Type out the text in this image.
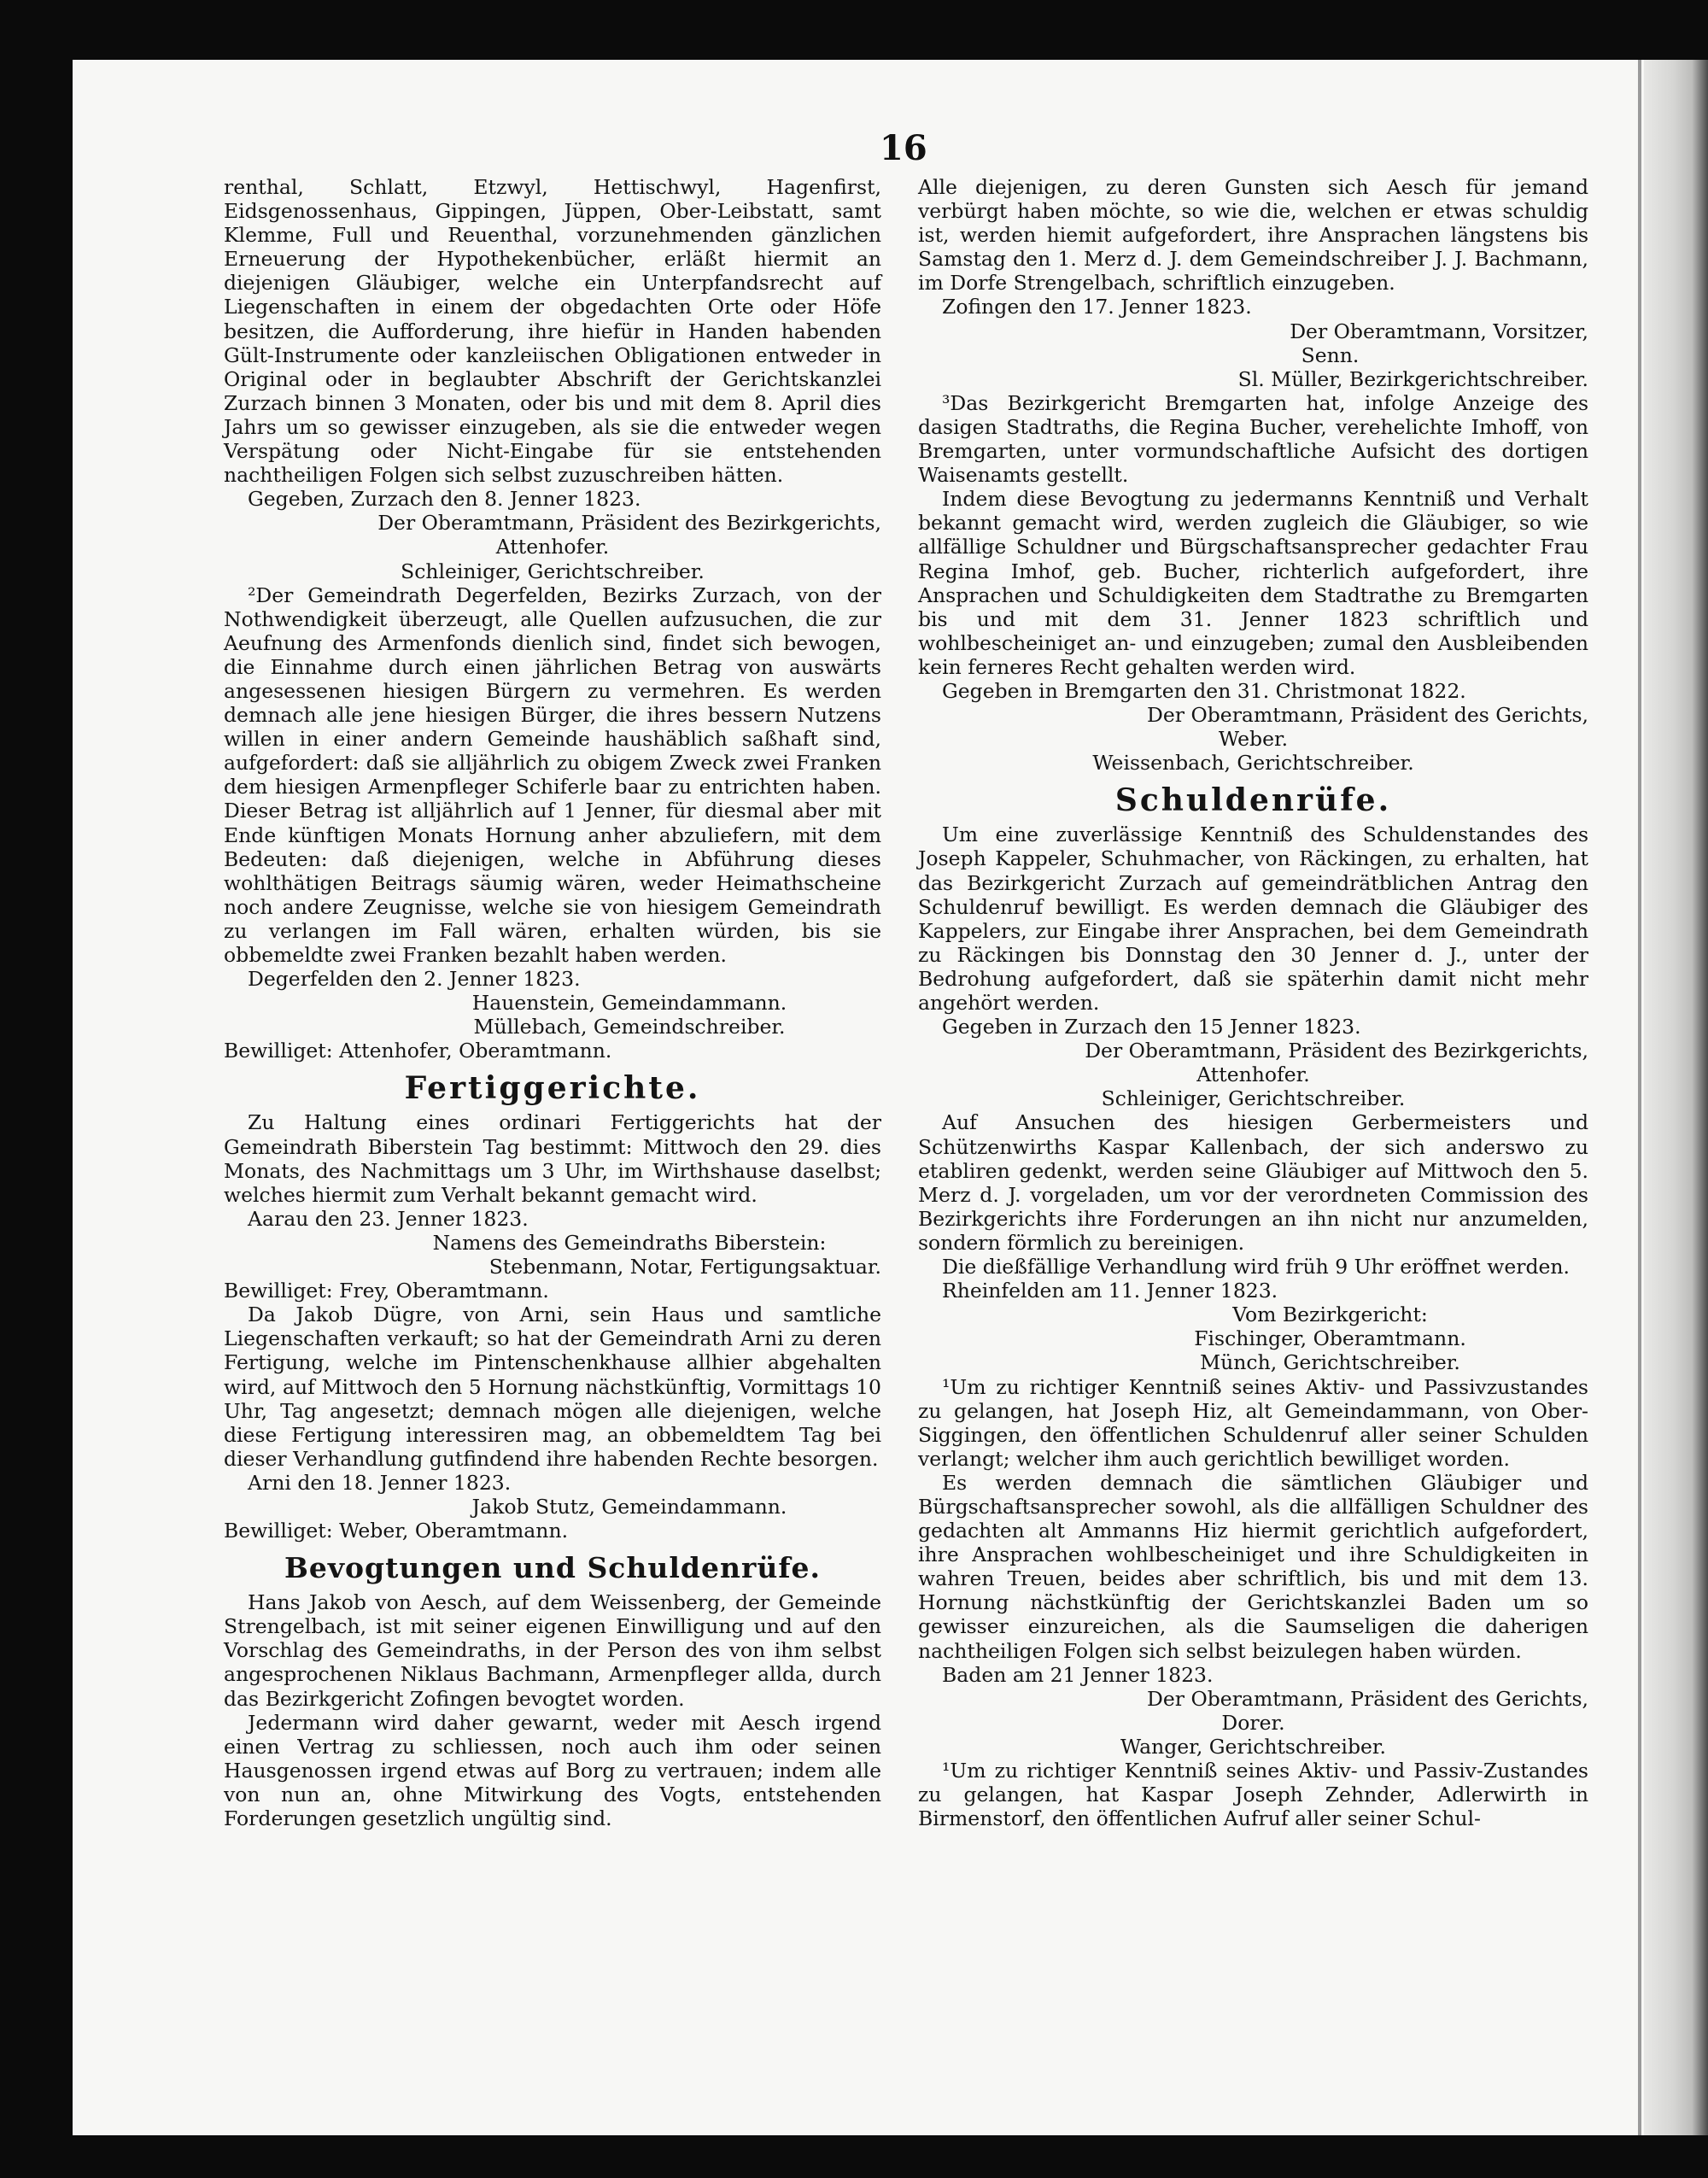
16

renthal, Schlatt, Etzwyl, Hettischwyl, Hagenfirst, Eidsgenossenhaus, Gippingen, Jüppen, Ober-Leibstatt, samt Klemme, Full und Reuenthal, vorzunehmenden gänzlichen Erneuerung der Hypothekenbücher, erläßt hiermit an diejenigen Gläubiger, welche ein Unterpfandsrecht auf Liegenschaften in einem der obgedachten Orte oder Höfe besitzen, die Aufforderung, ihre hiefür in Handen habenden Gült-Instrumente oder kanzleiischen Obligationen entweder in Original oder in beglaubter Abschrift der Gerichtskanzlei Zurzach binnen 3 Monaten, oder bis und mit dem 8. April dies Jahrs um so gewisser einzugeben, als sie die entweder wegen Verspätung oder Nicht-Eingabe für sie entstehenden nachtheiligen Folgen sich selbst zuzuschreiben hätten.

Gegeben, Zurzach den 8. Jenner 1823.

Der Oberamtmann, Präsident des Bezirkgerichts,

Attenhofer.

Schleiniger, Gerichtschreiber.

²Der Gemeindrath Degerfelden, Bezirks Zurzach, von der Nothwendigkeit überzeugt, alle Quellen aufzusuchen, die zur Aeufnung des Armenfonds dienlich sind, findet sich bewogen, die Einnahme durch einen jährlichen Betrag von auswärts angesessenen hiesigen Bürgern zu vermehren. Es werden demnach alle jene hiesigen Bürger, die ihres bessern Nutzens willen in einer andern Gemeinde haushäblich saßhaft sind, aufgefordert: daß sie alljährlich zu obigem Zweck zwei Franken dem hiesigen Armenpfleger Schiferle baar zu entrichten haben. Dieser Betrag ist alljährlich auf 1 Jenner, für diesmal aber mit Ende künftigen Monats Hornung anher abzuliefern, mit dem Bedeuten: daß diejenigen, welche in Abführung dieses wohlthätigen Beitrags säumig wären, weder Heimathscheine noch andere Zeugnisse, welche sie von hiesigem Gemeindrath zu verlangen im Fall wären, erhalten würden, bis sie obbemeldte zwei Franken bezahlt haben werden.

Degerfelden den 2. Jenner 1823.

Hauenstein, Gemeindammann.

Müllebach, Gemeindschreiber.

Bewilliget: Attenhofer, Oberamtmann.

Fertiggerichte.

Zu Haltung eines ordinari Fertiggerichts hat der Gemeindrath Biberstein Tag bestimmt: Mittwoch den 29. dies Monats, des Nachmittags um 3 Uhr, im Wirthshause daselbst; welches hiermit zum Verhalt bekannt gemacht wird.

Aarau den 23. Jenner 1823.

Namens des Gemeindraths Biberstein:

Stebenmann, Notar, Fertigungsaktuar.

Bewilliget: Frey, Oberamtmann.

Da Jakob Dügre, von Arni, sein Haus und samtliche Liegenschaften verkauft; so hat der Gemeindrath Arni zu deren Fertigung, welche im Pintenschenkhause allhier abgehalten wird, auf Mittwoch den 5 Hornung nächstkünftig, Vormittags 10 Uhr, Tag angesetzt; demnach mögen alle diejenigen, welche diese Fertigung interessiren mag, an obbemeldtem Tag bei dieser Verhandlung gutfindend ihre habenden Rechte besorgen.

Arni den 18. Jenner 1823.

Jakob Stutz, Gemeindammann.

Bewilliget: Weber, Oberamtmann.

Bevogtungen und Schuldenrüfe.

Hans Jakob von Aesch, auf dem Weissenberg, der Gemeinde Strengelbach, ist mit seiner eigenen Einwilligung und auf den Vorschlag des Gemeindraths, in der Person des von ihm selbst angesprochenen Niklaus Bachmann, Armenpfleger allda, durch das Bezirkgericht Zofingen bevogtet worden.

Jedermann wird daher gewarnt, weder mit Aesch irgend einen Vertrag zu schliessen, noch auch ihm oder seinen Hausgenossen irgend etwas auf Borg zu vertrauen; indem alle von nun an, ohne Mitwirkung des Vogts, entstehenden Forderungen gesetzlich ungültig sind.

Alle diejenigen, zu deren Gunsten sich Aesch für jemand verbürgt haben möchte, so wie die, welchen er etwas schuldig ist, werden hiemit aufgefordert, ihre Ansprachen längstens bis Samstag den 1. Merz d. J. dem Gemeindschreiber J. J. Bachmann, im Dorfe Strengelbach, schriftlich einzugeben.

Zofingen den 17. Jenner 1823.

Der Oberamtmann, Vorsitzer,

Senn.

Sl. Müller, Bezirkgerichtschreiber.

³Das Bezirkgericht Bremgarten hat, infolge Anzeige des dasigen Stadtraths, die Regina Bucher, verehelichte Imhoff, von Bremgarten, unter vormundschaftliche Aufsicht des dortigen Waisenamts gestellt.

Indem diese Bevogtung zu jedermanns Kenntniß und Verhalt bekannt gemacht wird, werden zugleich die Gläubiger, so wie allfällige Schuldner und Bürgschaftsansprecher gedachter Frau Regina Imhof, geb. Bucher, richterlich aufgefordert, ihre Ansprachen und Schuldigkeiten dem Stadtrathe zu Bremgarten bis und mit dem 31. Jenner 1823 schriftlich und wohlbescheiniget an- und einzugeben; zumal den Ausbleibenden kein ferneres Recht gehalten werden wird.

Gegeben in Bremgarten den 31. Christmonat 1822.

Der Oberamtmann, Präsident des Gerichts,

Weber.

Weissenbach, Gerichtschreiber.

Schuldenrüfe.

Um eine zuverlässige Kenntniß des Schuldenstandes des Joseph Kappeler, Schuhmacher, von Räckingen, zu erhalten, hat das Bezirkgericht Zurzach auf gemeindrätblichen Antrag den Schuldenruf bewilligt. Es werden demnach die Gläubiger des Kappelers, zur Eingabe ihrer Ansprachen, bei dem Gemeindrath zu Räckingen bis Donnstag den 30 Jenner d. J., unter der Bedrohung aufgefordert, daß sie späterhin damit nicht mehr angehört werden.

Gegeben in Zurzach den 15 Jenner 1823.

Der Oberamtmann, Präsident des Bezirkgerichts,

Attenhofer.

Schleiniger, Gerichtschreiber.

Auf Ansuchen des hiesigen Gerbermeisters und Schützenwirths Kaspar Kallenbach, der sich anderswo zu etabliren gedenkt, werden seine Gläubiger auf Mittwoch den 5. Merz d. J. vorgeladen, um vor der verordneten Commission des Bezirkgerichts ihre Forderungen an ihn nicht nur anzumelden, sondern förmlich zu bereinigen.

Die dießfällige Verhandlung wird früh 9 Uhr eröffnet werden.

Rheinfelden am 11. Jenner 1823.

Vom Bezirkgericht:

Fischinger, Oberamtmann.

Münch, Gerichtschreiber.

¹Um zu richtiger Kenntniß seines Aktiv- und Passivzustandes zu gelangen, hat Joseph Hiz, alt Gemeindammann, von Ober-Siggingen, den öffentlichen Schuldenruf aller seiner Schulden verlangt; welcher ihm auch gerichtlich bewilliget worden.

Es werden demnach die sämtlichen Gläubiger und Bürgschaftsansprecher sowohl, als die allfälligen Schuldner des gedachten alt Ammanns Hiz hiermit gerichtlich aufgefordert, ihre Ansprachen wohlbescheiniget und ihre Schuldigkeiten in wahren Treuen, beides aber schriftlich, bis und mit dem 13. Hornung nächstkünftig der Gerichtskanzlei Baden um so gewisser einzureichen, als die Saumseligen die daherigen nachtheiligen Folgen sich selbst beizulegen haben würden.

Baden am 21 Jenner 1823.

Der Oberamtmann, Präsident des Gerichts,

Dorer.

Wanger, Gerichtschreiber.

¹Um zu richtiger Kenntniß seines Aktiv- und Passiv-Zustandes zu gelangen, hat Kaspar Joseph Zehnder, Adlerwirth in Birmenstorf, den öffentlichen Aufruf aller seiner Schul-
